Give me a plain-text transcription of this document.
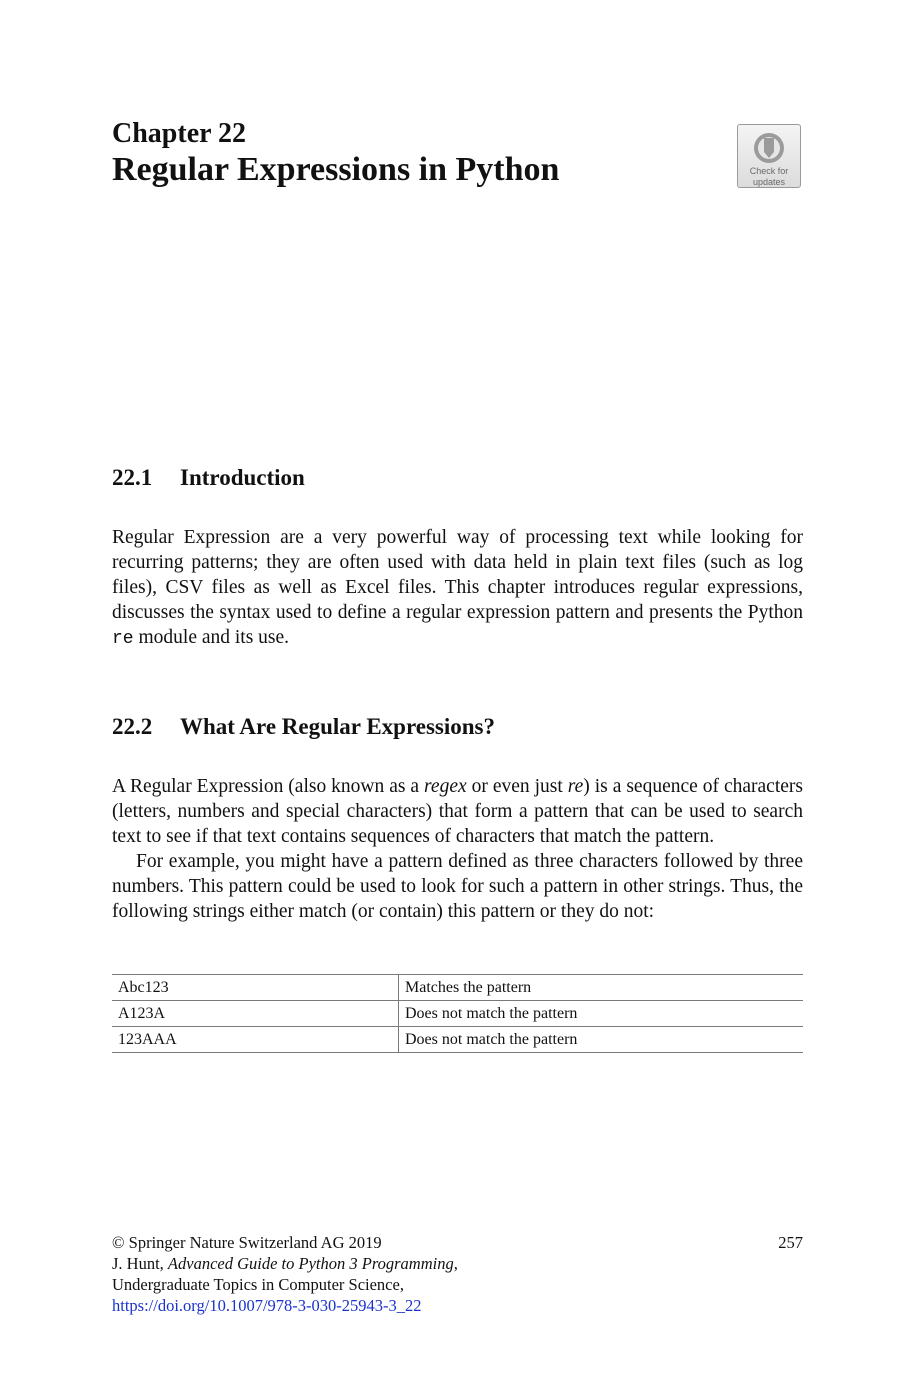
Chapter 22
Regular Expressions in Python	Check for
updates
22.1 Introduction

Regular Expression are a very powerful way of processing text while looking for recurring patterns; they are often used with data held in plain text files (such as log files), CSV files as well as Excel files. This chapter introduces regular expressions, discusses the syntax used to define a regular expression pattern and presents the Python re module and its use.

22.2 What Are Regular Expressions?

A Regular Expression (also known as a regex or even just re) is a sequence of characters (letters, numbers and special characters) that form a pattern that can be used to search text to see if that text contains sequences of characters that match the pattern.

For example, you might have a pattern defined as three characters followed by three numbers. This pattern could be used to look for such a pattern in other strings. Thus, the following strings either match (or contain) this pattern or they do not:

Abc123	Matches the pattern
A123A	Does not match the pattern
123AAA	Does not match the pattern
© Springer Nature Switzerland AG 2019	257
J. Hunt, Advanced Guide to Python 3 Programming,
Undergraduate Topics in Computer Science,
https://doi.org/10.1007/978-3-030-25943-3_22
